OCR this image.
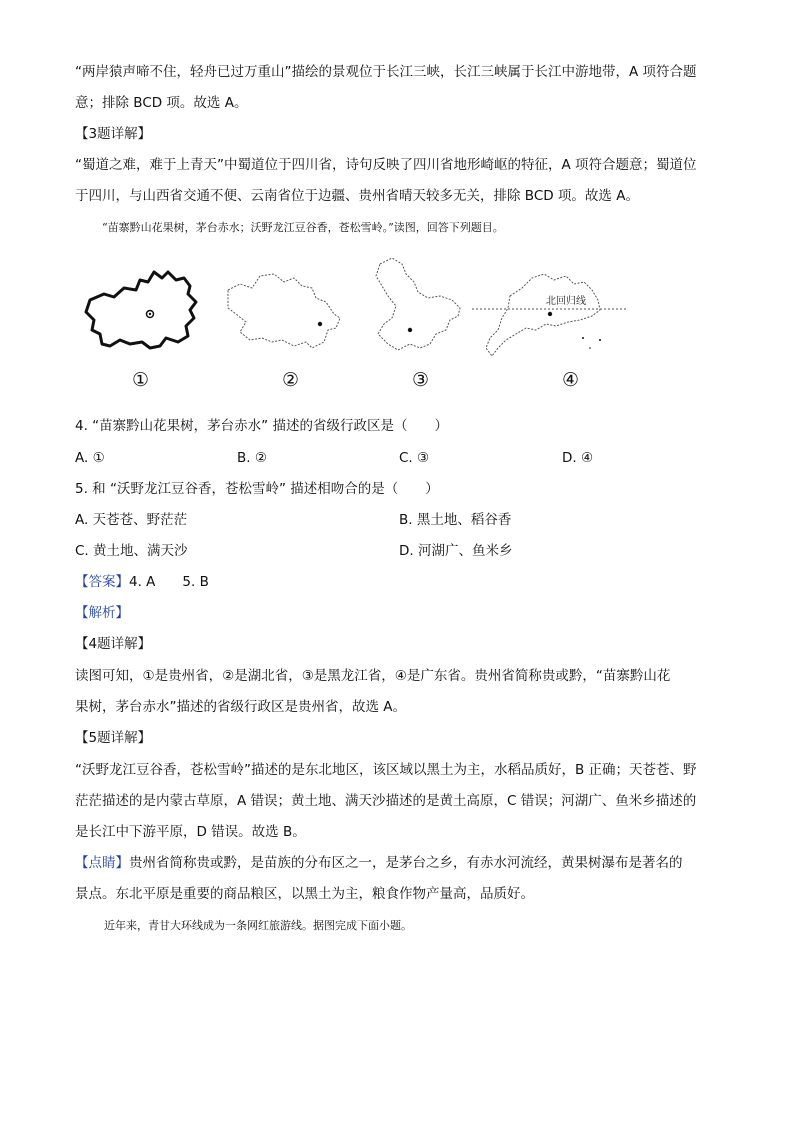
“两岸猿声啼不住，轻舟已过万重山”描绘的景观位于长江三峡，长江三峡属于长江中游地带，A 项符合题
意；排除 BCD 项。故选 A。
【3题详解】
“蜀道之难，难于上青天”中蜀道位于四川省，诗句反映了四川省地形崎岖的特征，A 项符合题意；蜀道位
于四川，与山西省交通不便、云南省位于边疆、贵州省晴天较多无关，排除 BCD 项。故选 A。
“苗寨黔山花果树，茅台赤水；沃野龙江豆谷香，苍松雪岭。”读图，回答下列题目。
北回归线
①	②	③	④
4. “苗寨黔山花果树，茅台赤水” 描述的省级行政区是（　　）
A. ①	B. ②	C. ③	D. ④
5. 和 “沃野龙江豆谷香，苍松雪岭” 描述相吻合的是（　　）
A. 天苍苍、野茫茫	B. 黑土地、稻谷香
C. 黄土地、满天沙	D. 河湖广、鱼米乡
【答案】4. A　　5. B
【解析】
【4题详解】
读图可知，①是贵州省，②是湖北省，③是黑龙江省，④是广东省。贵州省简称贵或黔，“苗寨黔山花
果树，茅台赤水”描述的省级行政区是贵州省，故选 A。
【5题详解】
“沃野龙江豆谷香，苍松雪岭”描述的是东北地区，该区域以黑土为主，水稻品质好，B 正确；天苍苍、野
茫茫描述的是内蒙古草原，A 错误；黄土地、满天沙描述的是黄土高原，C 错误；河湖广、鱼米乡描述的
是长江中下游平原，D 错误。故选 B。
【点睛】贵州省简称贵或黔，是苗族的分布区之一，是茅台之乡，有赤水河流经，黄果树瀑布是著名的
景点。东北平原是重要的商品粮区，以黑土为主，粮食作物产量高，品质好。
近年来，青甘大环线成为一条网红旅游线。据图完成下面小题。
